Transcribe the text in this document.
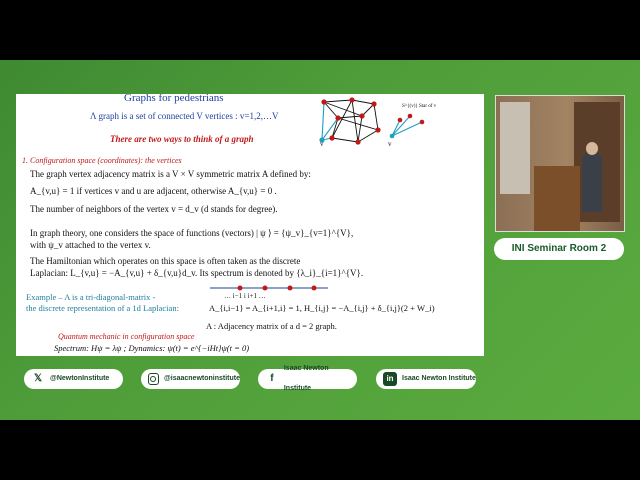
Graphs for pedestrians
Λ graph is a set of connected V vertices : v=1,2,…V
There are two ways to think of a graph
1. Configuration space (coordinates): the vertices
The graph vertex adjacency matrix is a V × V symmetric matrix A defined by:
A_{v,u} = 1 if vertices v and u are adjacent, otherwise A_{v,u} = 0 .
The number of neighbors of the vertex v = d_v (d stands for degree).
In graph theory, one considers the space of functions (vectors) | ψ ⟩ = {ψ_v}_{v=1}^{V},
with ψ_v attached to the vertex v.
The Hamiltonian which operates on this space is often taken as the discrete
Laplacian: L_{v,u} = −A_{v,u} + δ_{v,u}d_v. Its spectrum is denoted by {λ_i}_{i=1}^{V}.
Example – A is a tri-diagonal-matrix -
the discrete representation of a 1d Laplacian:
… i−1 i i+1 …
A_{i,i−1} = A_{i+1,i} = 1, H_{i,j} = −A_{i,j} + δ_{i,j}(2 + W_i)
A : Adjacency matrix of a d = 2 graph.
Quantum mechanic in configuration space
Spectrum: Hψ = λψ ; Dynamics: ψ(t) = e^{−iHt}ψ(t = 0)
v
S^{(v)} Star of v
v
INI Seminar Room 2
𝕏	@NewtonInstitute	@isaacnewtoninstitute	f
Isaac Newton Institute
in	Isaac Newton Institute
